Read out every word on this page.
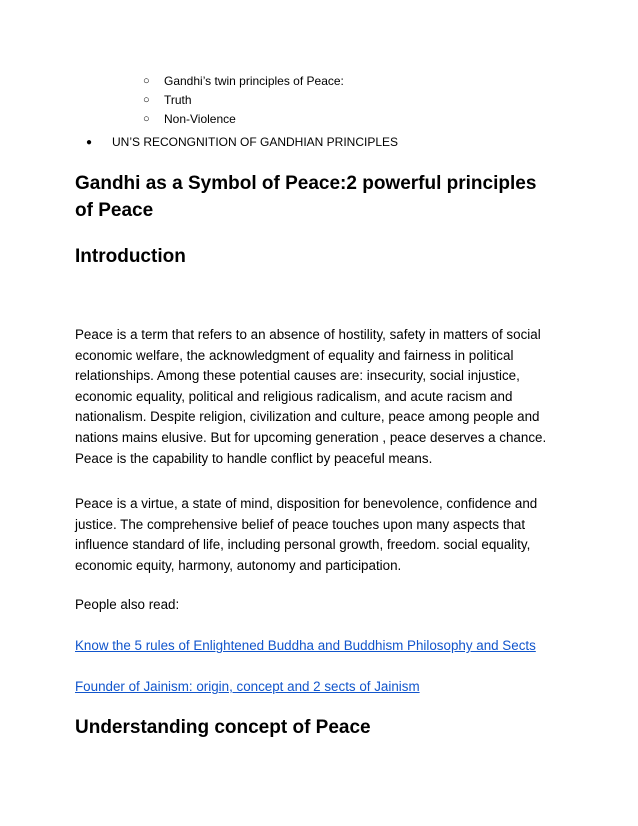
○ Gandhi’s twin principles of Peace:
○ Truth
○ Non-Violence
● UN’S RECONGNITION OF GANDHIAN PRINCIPLES
Gandhi as a Symbol of Peace:2 powerful principles of Peace
Introduction

Peace is a term that refers to an absence of hostility, safety in matters of social economic welfare, the acknowledgment of equality and fairness in political relationships. Among these potential causes are: insecurity, social injustice, economic equality, political and religious radicalism, and acute racism and nationalism. Despite religion, civilization and culture, peace among people and nations mains elusive. But for upcoming generation , peace deserves a chance. Peace is the capability to handle conflict by peaceful means.

Peace is a virtue, a state of mind, disposition for benevolence, confidence and justice. The comprehensive belief of peace touches upon many aspects that influence standard of life, including personal growth, freedom. social equality, economic equity, harmony, autonomy and participation.

People also read:

Know the 5 rules of Enlightened Buddha and Buddhism Philosophy and Sects
Founder of Jainism: origin, concept and 2 sects of Jainism
Understanding concept of Peace
